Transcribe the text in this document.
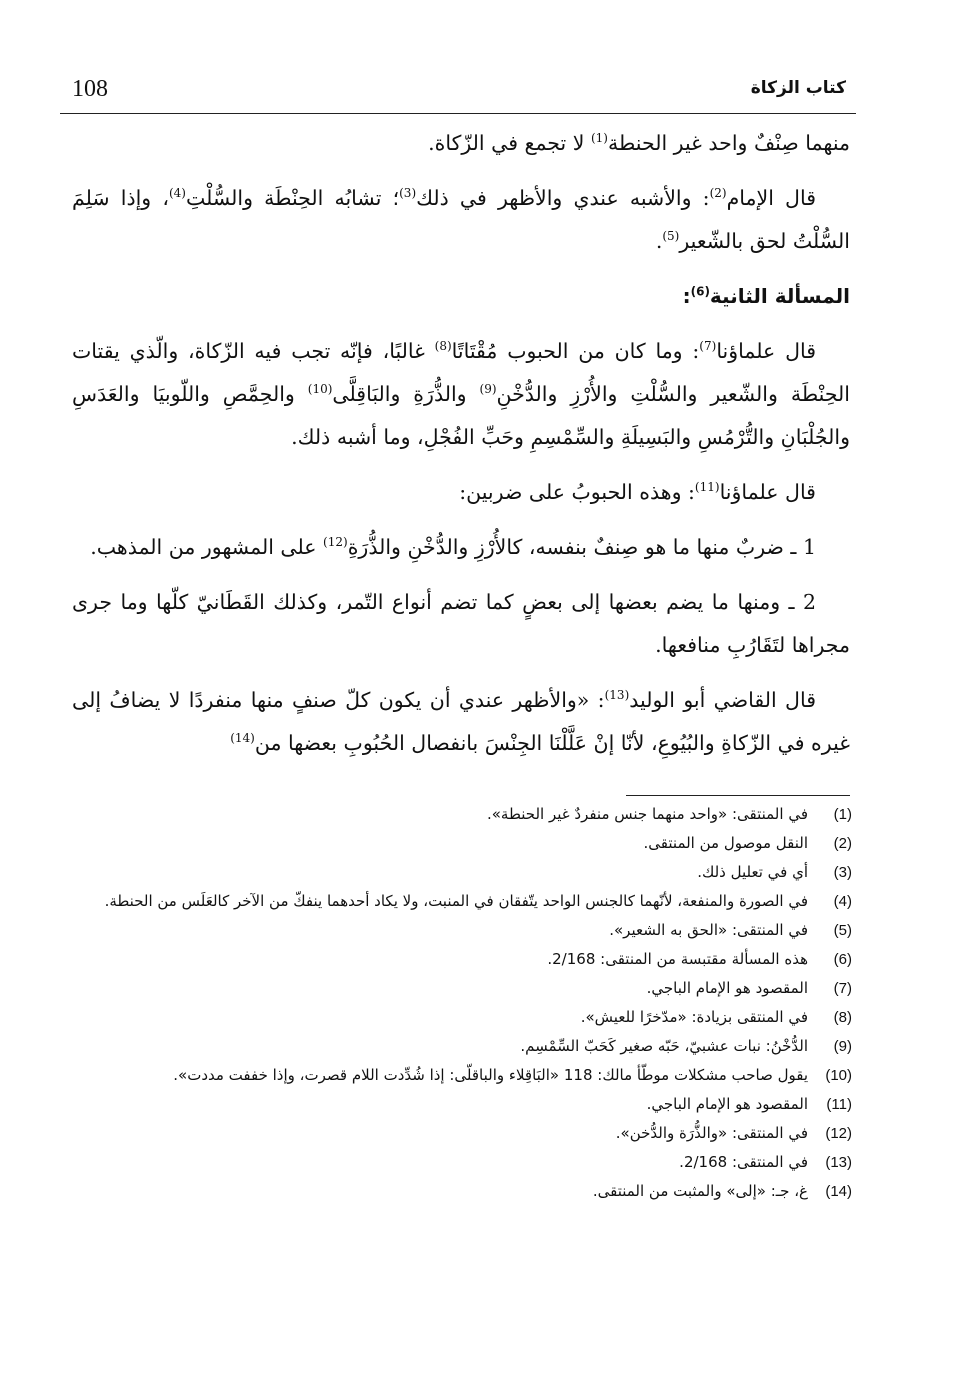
108	كتاب الزكاة

منهما صِنْفٌ واحد غير الحنطة$^{(1)}$ لا تجمع في الزّكاة.

قال الإمام$^{(2)}$: والأشبه عندي والأظهر في ذلك$^{(3)}$؛ تشابُه الحِنْطَة والسُّلْتِ$^{(4)}$، وإذا سَلِمَ السُّلْتُ لحق بالشّعير$^{(5)}$.

المسألة الثانية$^{(6)}$:

قال علماؤنا$^{(7)}$: وما كان من الحبوب مُقْتَاتًا$^{(8)}$ غالبًا، فإنّه تجب فيه الزّكاة، والّذي يقتات الحِنْطَة والشّعير والسُّلْتِ والأُرْزِ والدُّخْنِ$^{(9)}$ والذُّرَةِ والبَاقِلَّى$^{(10)}$ والحِمَّصِ واللّوبيَا والعَدَسِ والجُلْبَانِ والتُّرْمُسِ والبَسِيلَةِ والسِّمْسِمِ وحَبِّ الفُجْلِ، وما أشبه ذلك.

قال علماؤنا$^{(11)}$: وهذه الحبوبُ على ضربين:

1 ـ ضربٌ منها ما هو صِنفٌ بنفسه، كالأُرْزِ والدُّخْنِ والذُّرَةِ$^{(12)}$ على المشهور من المذهب.

2 ـ ومنها ما يضم بعضها إلى بعضٍ كما تضم أنواع التّمر، وكذلك القَطَانيّ كلّها وما جرى مجراها لتَقَارُبِ منافعها.

قال القاضي أبو الوليد$^{(13)}$: «والأظهر عندي أن يكون كلّ صنفٍ منها منفردًا لا يضافُ إلى غيره في الزّكاةِ والبُيُوعِ، لأنّا إنْ عَلَّلْنَا الجِنْسَ بانفصال الحُبُوبِ بعضها من$^{(14)}$

(1)
في المنتقى: «واحد منهما جنس منفردٌ غير الحنطة».
(2)
النقل موصول من المنتقى.
(3)
أي في تعليل ذلك.
(4)
في الصورة والمنفعة، لأنّهما كالجنس الواحد يتّفقان في المنبت، ولا يكاد أحدهما ينفكّ من الآخر كالعَلَس من الحنطة.
(5)
في المنتقى: «الحق به الشعير».
(6)
هذه المسألة مقتبسة من المنتقى: 2/168.
(7)
المقصود هو الإمام الباجي.
(8)
في المنتقى بزيادة: «مدّخرًا للعيش».
(9)
الدُّخْنُ: نبات عشبيّ، حَبّه صغير كَحَبّ السِّمْسِم.
(10)
يقول صاحب مشكلات موطّأ مالك: 118 «البَاقِلاء والباقلّى: إذا شُدِّدت اللام قصرت، وإذا خففت مددت».
(11)
المقصود هو الإمام الباجي.
(12)
في المنتقى: «والذُّرَة والدُّخن».
(13)
في المنتقى: 2/168.
(14)
غ، جـ: «إلى» والمثبت من المنتقى.
